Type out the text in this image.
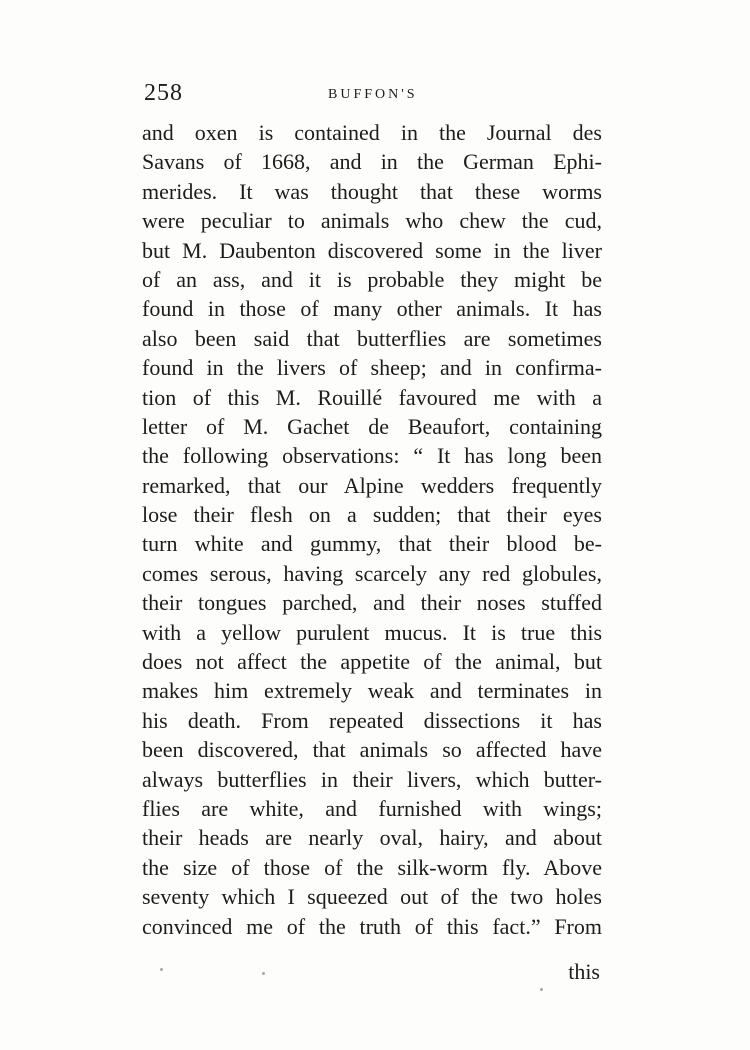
258	BUFFON'S
and oxen is contained in the Journal des
Savans of 1668, and in the German Ephi-
merides. It was thought that these worms
were peculiar to animals who chew the cud,
but M. Daubenton discovered some in the liver
of an ass, and it is probable they might be
found in those of many other animals. It has
also been said that butterflies are sometimes
found in the livers of sheep; and in confirma-
tion of this M. Rouillé favoured me with a
letter of M. Gachet de Beaufort, containing
the following observations: “ It has long been
remarked, that our Alpine wedders frequently
lose their flesh on a sudden; that their eyes
turn white and gummy, that their blood be-
comes serous, having scarcely any red globules,
their tongues parched, and their noses stuffed
with a yellow purulent mucus. It is true this
does not affect the appetite of the animal, but
makes him extremely weak and terminates in
his death. From repeated dissections it has
been discovered, that animals so affected have
always butterflies in their livers, which butter-
flies are white, and furnished with wings;
their heads are nearly oval, hairy, and about
the size of those of the silk-worm fly. Above
seventy which I squeezed out of the two holes
convinced me of the truth of this fact.” From
this
